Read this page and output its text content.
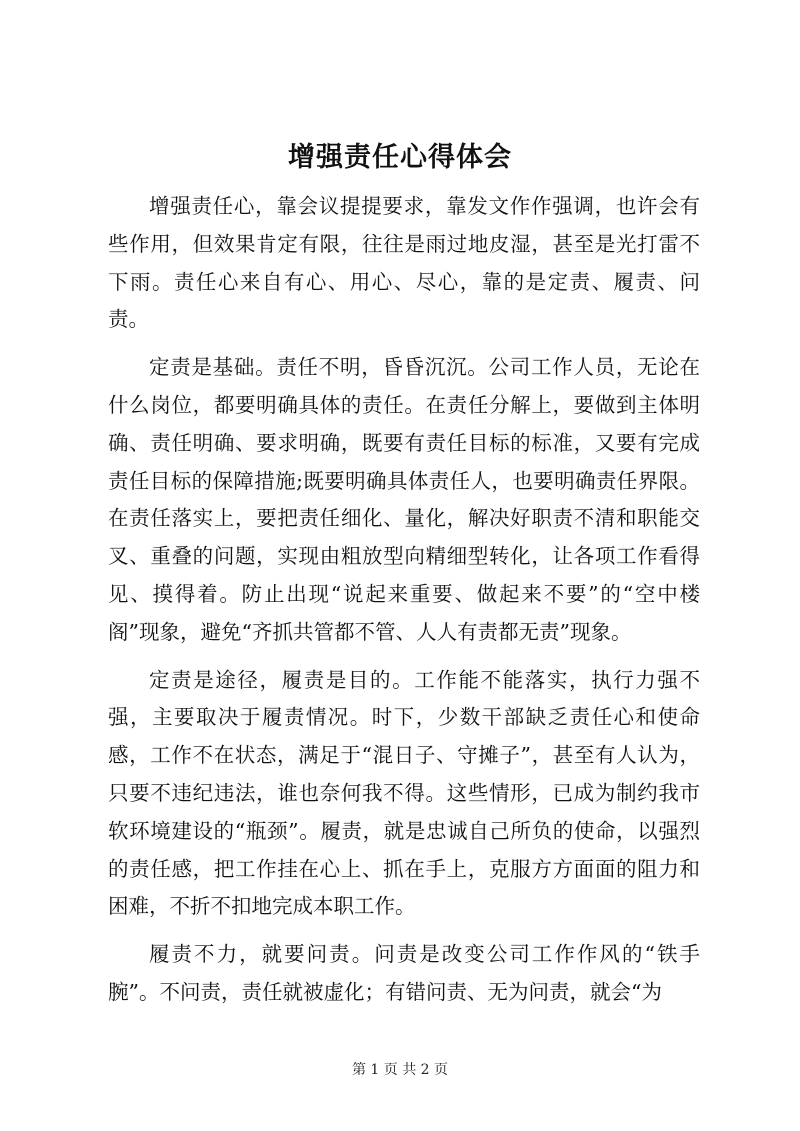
增强责任心得体会

增强责任心，靠会议提提要求，靠发文作作强调，也许会有些作用，但效果肯定有限，往往是雨过地皮湿，甚至是光打雷不下雨。责任心来自有心、用心、尽心，靠的是定责、履责、问责。

定责是基础。责任不明，昏昏沉沉。公司工作人员，无论在什么岗位，都要明确具体的责任。在责任分解上，要做到主体明确、责任明确、要求明确，既要有责任目标的标准，又要有完成责任目标的保障措施;既要明确具体责任人，也要明确责任界限。在责任落实上，要把责任细化、量化，解决好职责不清和职能交叉、重叠的问题，实现由粗放型向精细型转化，让各项工作看得见、摸得着。防止出现“说起来重要、做起来不要”的“空中楼阁”现象，避免“齐抓共管都不管、人人有责都无责”现象。

定责是途径，履责是目的。工作能不能落实，执行力强不强，主要取决于履责情况。时下，少数干部缺乏责任心和使命感，工作不在状态，满足于“混日子、守摊子”，甚至有人认为，只要不违纪违法，谁也奈何我不得。这些情形，已成为制约我市软环境建设的“瓶颈”。履责，就是忠诚自己所负的使命，以强烈的责任感，把工作挂在心上、抓在手上，克服方方面面的阻力和困难，不折不扣地完成本职工作。

履责不力，就要问责。问责是改变公司工作作风的“铁手腕”。不问责，责任就被虚化；有错问责、无为问责，就会“为

第 1 页 共 2 页
